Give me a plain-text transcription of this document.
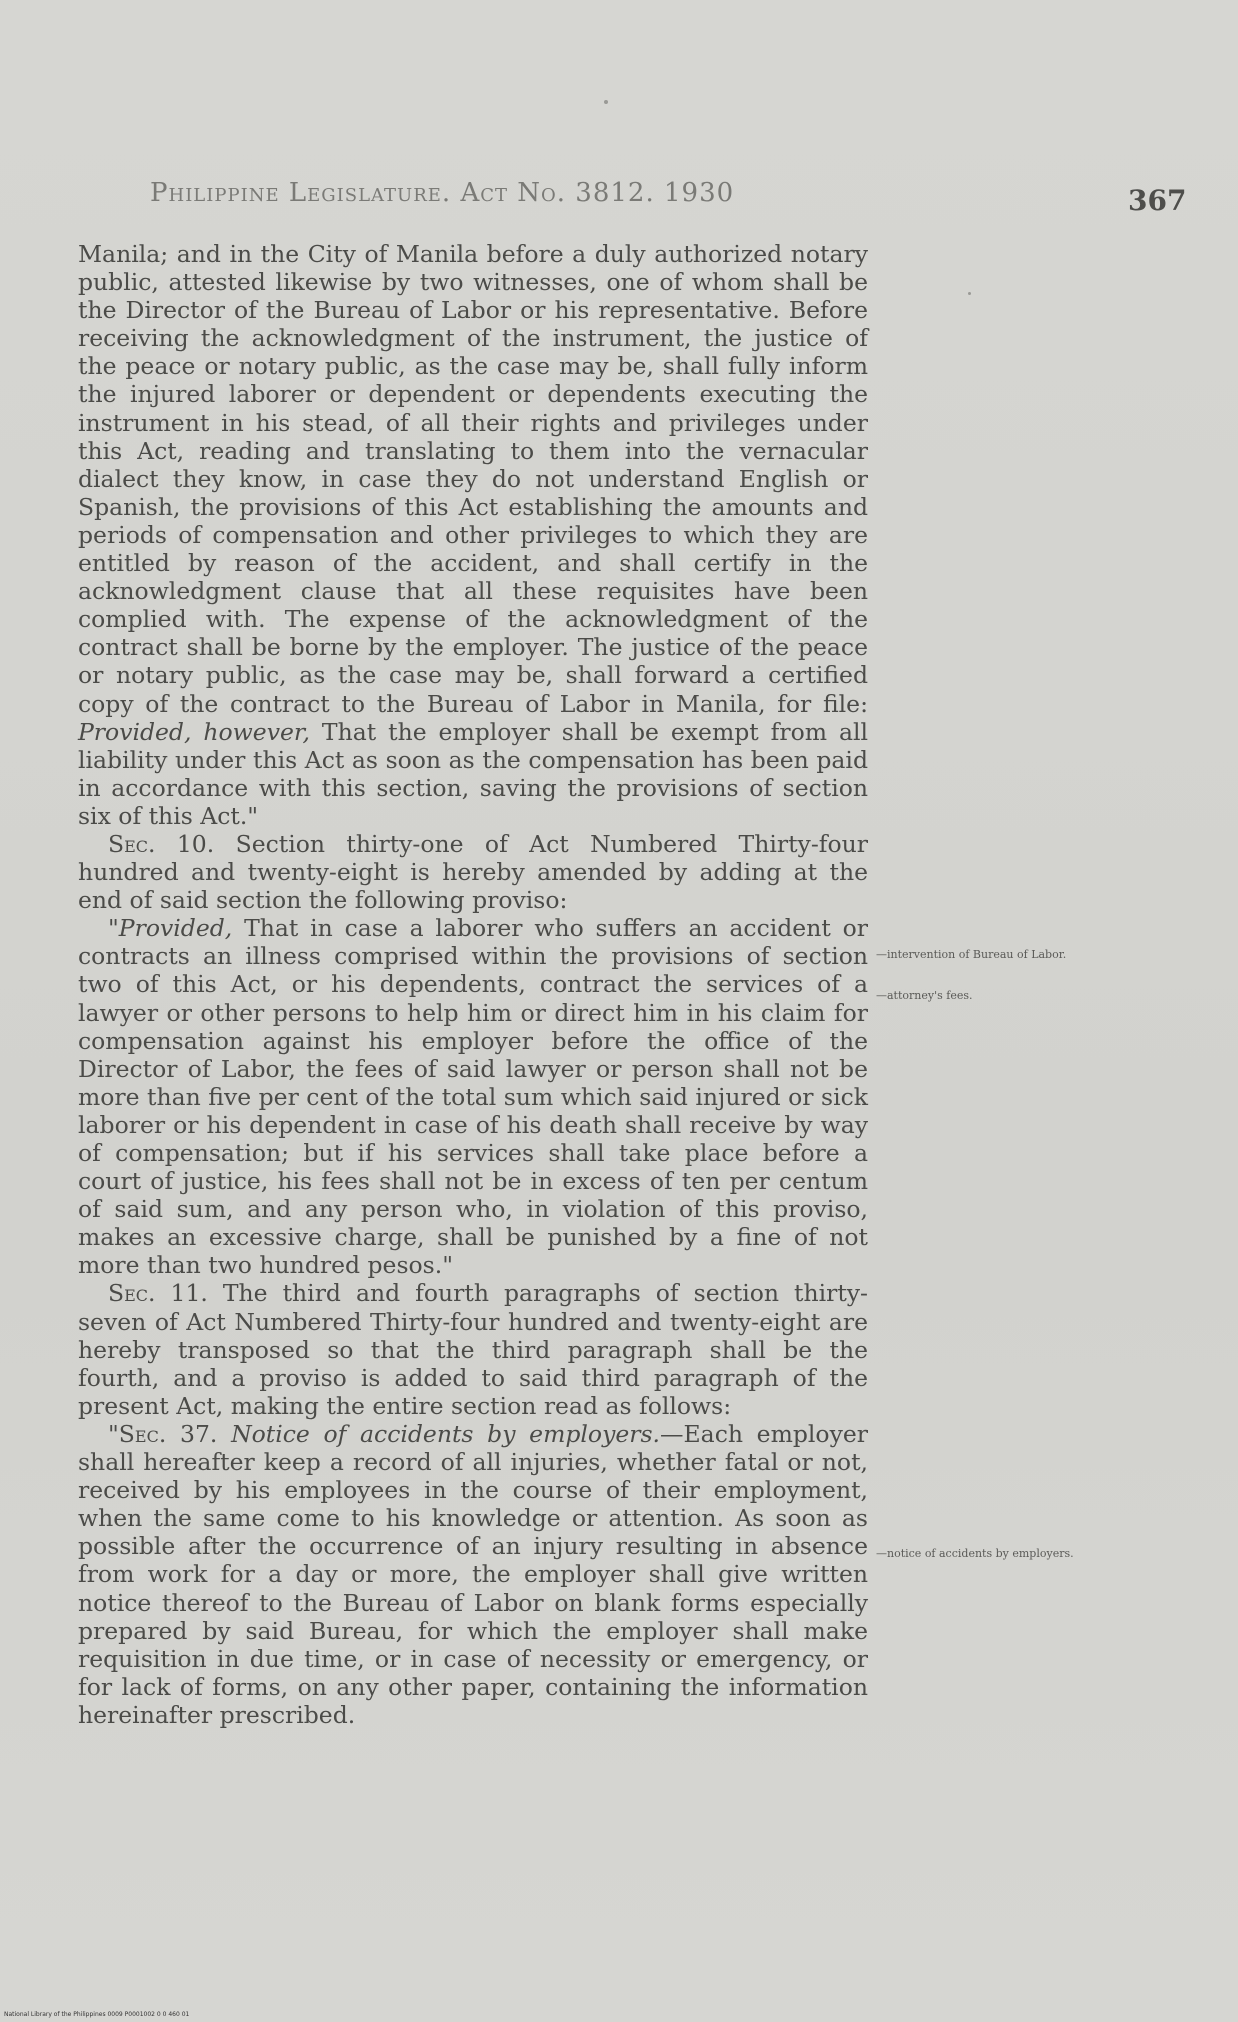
Philippine Legislature. Act No. 3812. 1930	367

Manila; and in the City of Manila before a duly authorized notary public, attested likewise by two witnesses, one of whom shall be the Director of the Bureau of Labor or his representative. Before receiving the acknowledgment of the instrument, the justice of the peace or notary public, as the case may be, shall fully inform the injured laborer or dependent or dependents executing the instrument in his stead, of all their rights and privileges under this Act, reading and translating to them into the vernacular dialect they know, in case they do not understand English or Spanish, the provisions of this Act establishing the amounts and periods of compensation and other privileges to which they are entitled by reason of the accident, and shall certify in the acknowledgment clause that all these requisites have been complied with. The expense of the acknowledgment of the contract shall be borne by the employer. The justice of the peace or notary public, as the case may be, shall forward a certified copy of the contract to the Bureau of Labor in Manila, for file: Provided, however, That the employer shall be exempt from all liability under this Act as soon as the compensation has been paid in accordance with this section, saving the provisions of section six of this Act."

Sec. 10. Section thirty-one of Act Numbered Thirty-four hundred and twenty-eight is hereby amended by adding at the end of said section the following proviso:

"Provided, That in case a laborer who suffers an accident or contracts an illness comprised within the provisions of section two of this Act, or his dependents, contract the services of a lawyer or other persons to help him or direct him in his claim for compensation against his employer before the office of the Director of Labor, the fees of said lawyer or person shall not be more than five per cent of the total sum which said injured or sick laborer or his dependent in case of his death shall receive by way of compensation; but if his services shall take place before a court of justice, his fees shall not be in excess of ten per centum of said sum, and any person who, in violation of this proviso, makes an excessive charge, shall be punished by a fine of not more than two hundred pesos."

Sec. 11. The third and fourth paragraphs of section thirty-seven of Act Numbered Thirty-four hundred and twenty-eight are hereby transposed so that the third paragraph shall be the fourth, and a proviso is added to said third paragraph of the present Act, making the entire section read as follows:

"Sec. 37. Notice of accidents by employers.—Each employer shall hereafter keep a record of all injuries, whether fatal or not, received by his employees in the course of their employment, when the same come to his knowledge or attention. As soon as possible after the occurrence of an injury resulting in absence from work for a day or more, the employer shall give written notice thereof to the Bureau of Labor on blank forms especially prepared by said Bureau, for which the employer shall make requisition in due time, or in case of necessity or emergency, or for lack of forms, on any other paper, containing the information hereinafter prescribed.

—intervention of Bureau of Labor.
—attorney's fees.
—notice of accidents by employers.
National Library of the Philippines 0009 P0001002 0 0 460 01
